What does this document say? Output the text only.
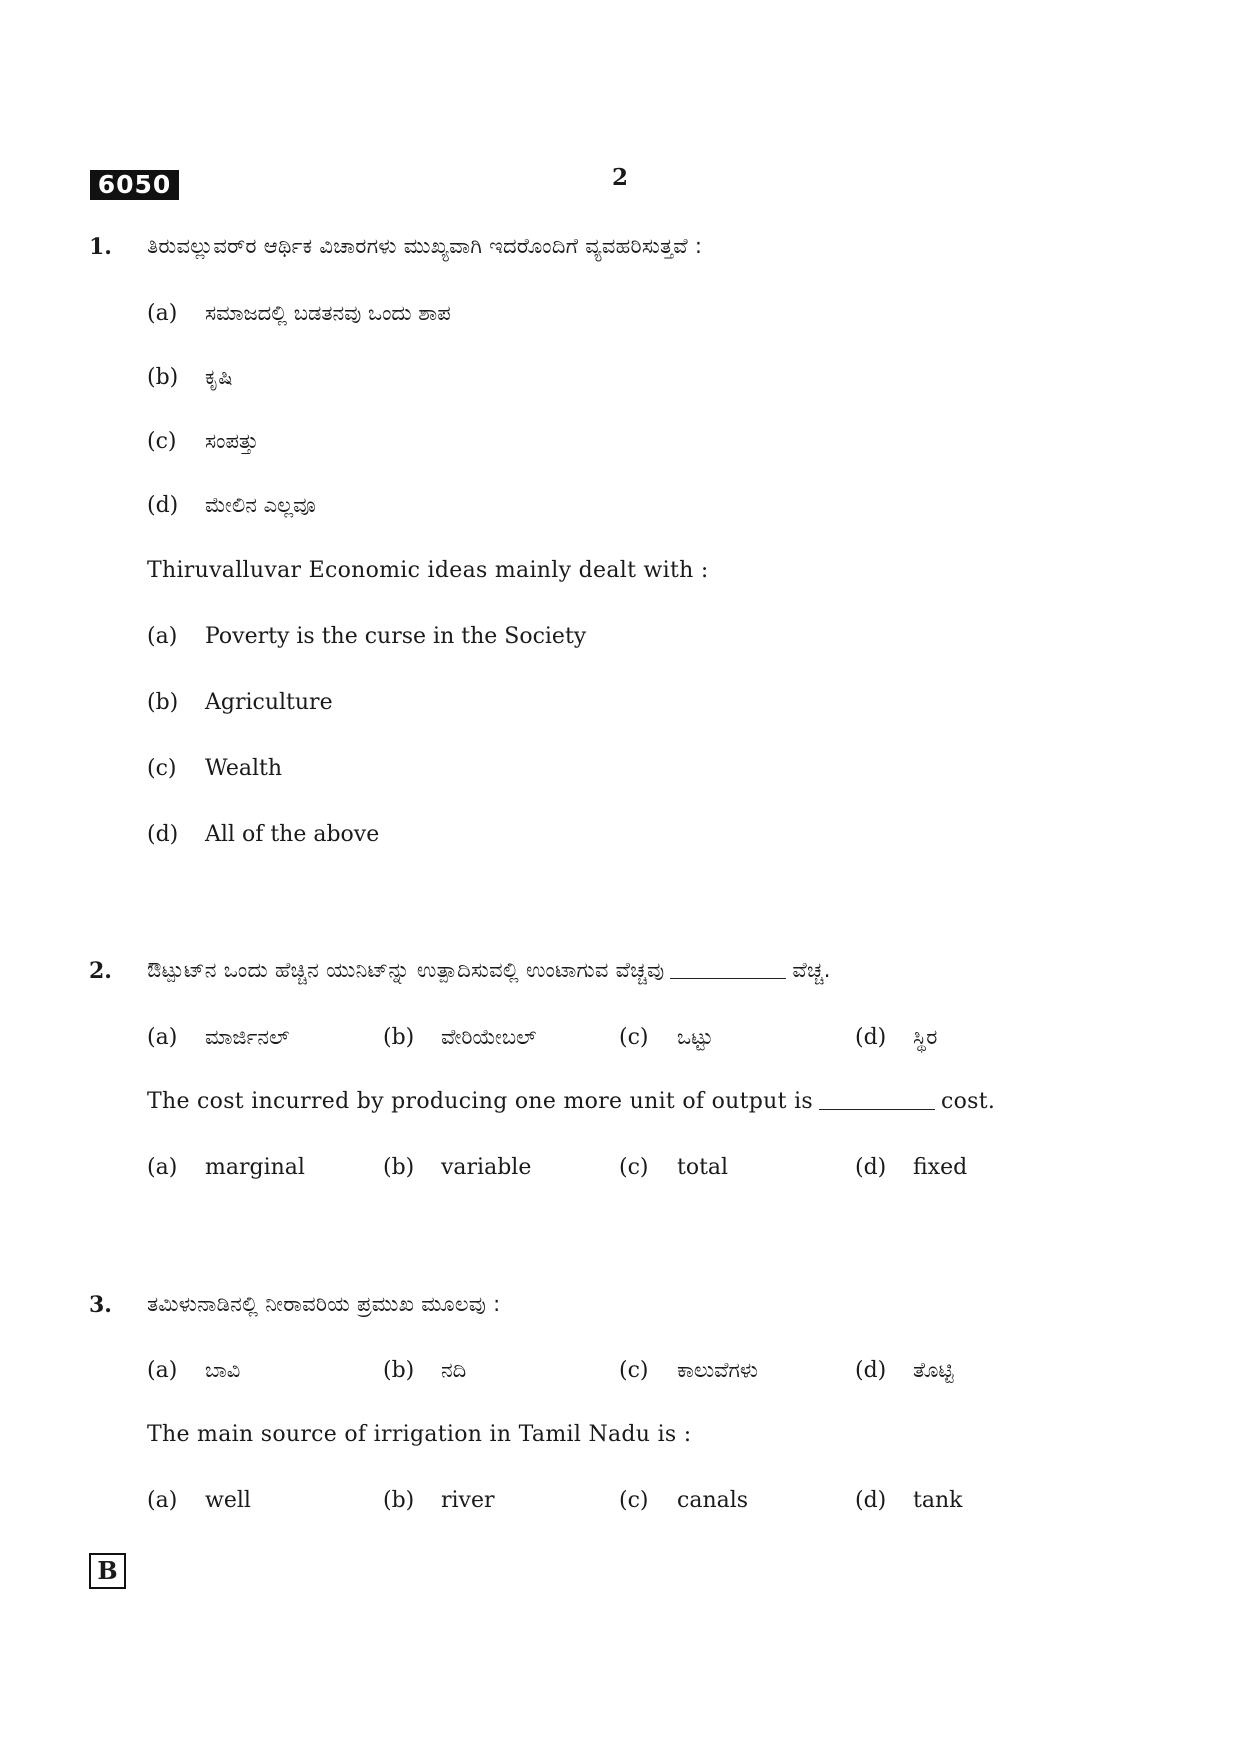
6050	2
1. ತಿರುವಲ್ಲುವರ್‌ರ ಆರ್ಥಿಕ ವಿಚಾರಗಳು ಮುಖ್ಯವಾಗಿ ಇದರೊಂದಿಗೆ ವ್ಯವಹರಿಸುತ್ತವೆ :
(a) ಸಮಾಜದಲ್ಲಿ ಬಡತನವು ಒಂದು ಶಾಪ
(b) ಕೃಷಿ
(c) ಸಂಪತ್ತು
(d) ಮೇಲಿನ ಎಲ್ಲವೂ
Thiruvalluvar Economic ideas mainly dealt with :
(a) Poverty is the curse in the Society
(b) Agriculture
(c) Wealth
(d) All of the above
2. ಔಟ್ಪುಟ್‌ನ ಒಂದು ಹೆಚ್ಚಿನ ಯುನಿಟ್‌ನ್ನು ಉತ್ಪಾದಿಸುವಲ್ಲಿ ಉಂಟಾಗುವ ವೆಚ್ಚವು	ವೆಚ್ಚ.
(a) ಮಾರ್ಜಿನಲ್	(b) ವೇರಿಯೇಬಲ್	(c) ಒಟ್ಟು	(d) ಸ್ಥಿರ
The cost incurred by producing one more unit of output is	cost.
(a) marginal	(b) variable	(c) total	(d) fixed
3. ತಮಿಳುನಾಡಿನಲ್ಲಿ ನೀರಾವರಿಯ ಪ್ರಮುಖ ಮೂಲವು :
(a) ಬಾವಿ	(b) ನದಿ	(c) ಕಾಲುವೆಗಳು	(d) ತೊಟ್ಟಿ
The main source of irrigation in Tamil Nadu is :
(a) well	(b) river	(c) canals	(d) tank
B
